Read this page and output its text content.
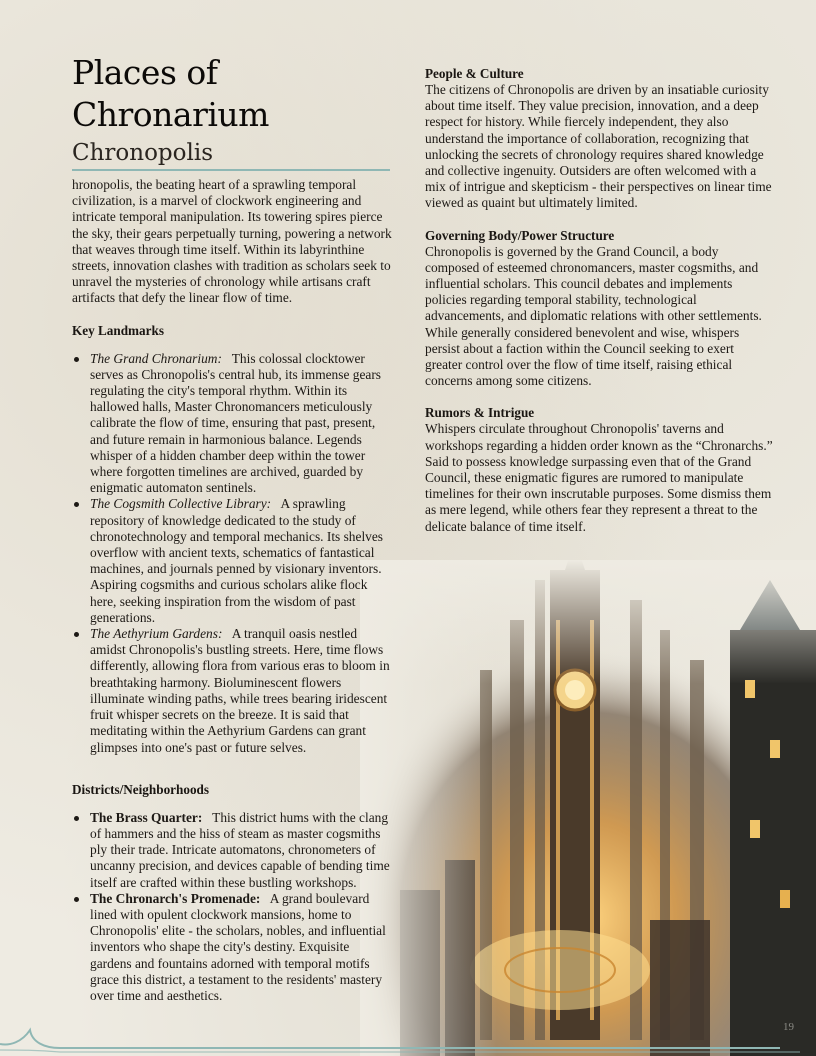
Places of Chronarium
Chronopolis

hronopolis, the beating heart of a sprawling temporal civilization, is a marvel of clockwork engineering and intricate temporal manipulation. Its towering spires pierce the sky, their gears perpetually turning, powering a network that weaves through time itself. Within its labyrinthine streets, innovation clashes with tradition as scholars seek to unravel the mysteries of chronology while artisans craft artifacts that defy the linear flow of time.

Key Landmarks
The Grand Chronarium: This colossal clocktower serves as Chronopolis's central hub, its immense gears regulating the city's temporal rhythm. Within its hallowed halls, Master Chronomancers meticulously calibrate the flow of time, ensuring that past, present, and future remain in harmonious balance. Legends whisper of a hidden chamber deep within the tower where forgotten timelines are archived, guarded by enigmatic automaton sentinels.
The Cogsmith Collective Library: A sprawling repository of knowledge dedicated to the study of chronotechnology and temporal mechanics. Its shelves overflow with ancient texts, schematics of fantastical machines, and journals penned by visionary inventors. Aspiring cogsmiths and curious scholars alike flock here, seeking inspiration from the wisdom of past generations.
The Aethyrium Gardens: A tranquil oasis nestled amidst Chronopolis's bustling streets. Here, time flows differently, allowing flora from various eras to bloom in breathtaking harmony. Bioluminescent flowers illuminate winding paths, while trees bearing iridescent fruit whisper secrets on the breeze. It is said that meditating within the Aethyrium Gardens can grant glimpses into one's past or future selves.
Districts/Neighborhoods
The Brass Quarter: This district hums with the clang of hammers and the hiss of steam as master cogsmiths ply their trade. Intricate automatons, chronometers of uncanny precision, and devices capable of bending time itself are crafted within these bustling workshops.
The Chronarch's Promenade: A grand boulevard lined with opulent clockwork mansions, home to Chronopolis' elite - the scholars, nobles, and influential inventors who shape the city's destiny. Exquisite gardens and fountains adorned with temporal motifs grace this district, a testament to the residents' mastery over time and aesthetics.
People & Culture

The citizens of Chronopolis are driven by an insatiable curiosity about time itself. They value precision, innovation, and a deep respect for history. While fiercely independent, they also understand the importance of collaboration, recognizing that unlocking the secrets of chronology requires shared knowledge and collective ingenuity. Outsiders are often welcomed with a mix of intrigue and skepticism - their perspectives on linear time viewed as quaint but ultimately limited.

Governing Body/Power Structure

Chronopolis is governed by the Grand Council, a body composed of esteemed chronomancers, master cogsmiths, and influential scholars. This council debates and implements policies regarding temporal stability, technological advancements, and diplomatic relations with other settlements. While generally considered benevolent and wise, whispers persist about a faction within the Council seeking to exert greater control over the flow of time itself, raising ethical concerns among some citizens.

Rumors & Intrigue

Whispers circulate throughout Chronopolis' taverns and workshops regarding a hidden order known as the “Chronarchs.” Said to possess knowledge surpassing even that of the Grand Council, these enigmatic figures are rumored to manipulate timelines for their own inscrutable purposes. Some dismiss them as mere legend, while others fear they represent a threat to the delicate balance of time itself.

19
